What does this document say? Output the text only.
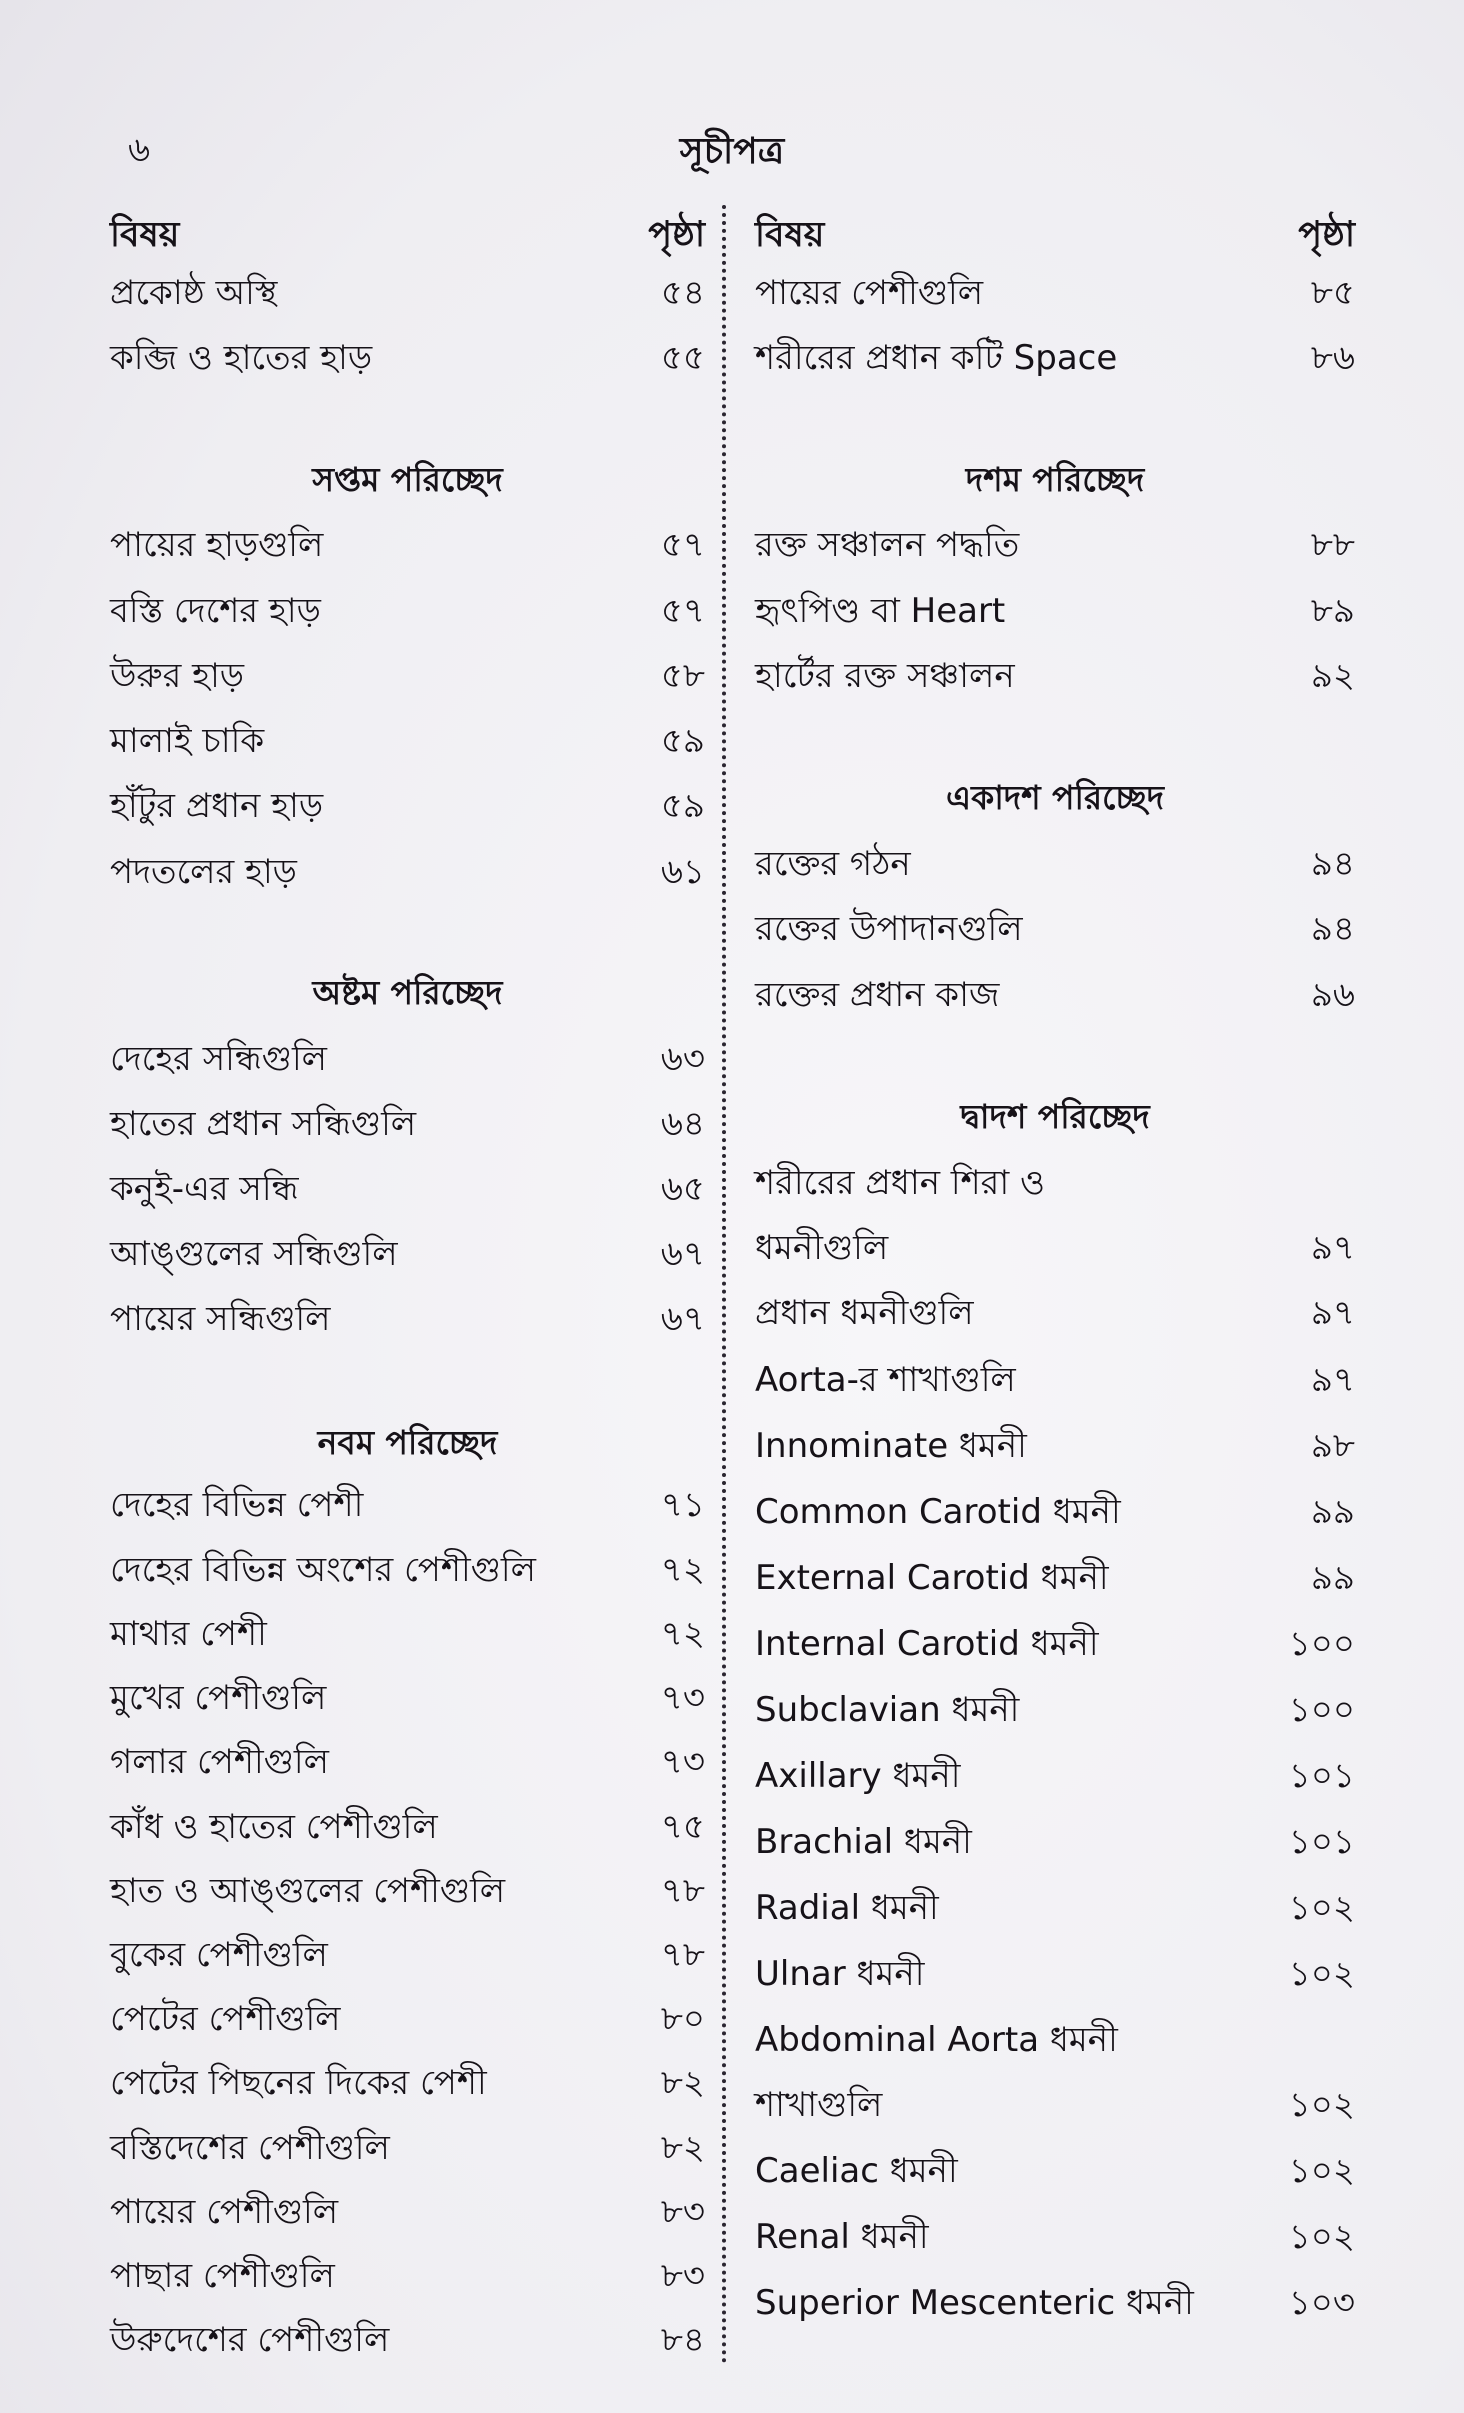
৬	সূচীপত্র
বিষয়	পৃষ্ঠা
প্রকোষ্ঠ অস্থি	৫৪
কব্জি ও হাতের হাড়	৫৫
সপ্তম পরিচ্ছেদ
পায়ের হাড়গুলি	৫৭
বস্তি দেশের হাড়	৫৭
উরুর হাড়	৫৮
মালাই চাকি	৫৯
হাঁটুর প্রধান হাড়	৫৯
পদতলের হাড়	৬১
অষ্টম পরিচ্ছেদ
দেহের সন্ধিগুলি	৬৩
হাতের প্রধান সন্ধিগুলি	৬৪
কনুই-এর সন্ধি	৬৫
আঙ্গুলের সন্ধিগুলি	৬৭
পায়ের সন্ধিগুলি	৬৭
নবম পরিচ্ছেদ
দেহের বিভিন্ন পেশী	৭১
দেহের বিভিন্ন অংশের পেশীগুলি	৭২
মাথার পেশী	৭২
মুখের পেশীগুলি	৭৩
গলার পেশীগুলি	৭৩
কাঁধ ও হাতের পেশীগুলি	৭৫
হাত ও আঙ্গুলের পেশীগুলি	৭৮
বুকের পেশীগুলি	৭৮
পেটের পেশীগুলি	৮০
পেটের পিছনের দিকের পেশী	৮২
বস্তিদেশের পেশীগুলি	৮২
পায়ের পেশীগুলি	৮৩
পাছার পেশীগুলি	৮৩
উরুদেশের পেশীগুলি	৮৪
বিষয়	পৃষ্ঠা
পায়ের পেশীগুলি	৮৫
শরীরের প্রধান কটি Space	৮৬
দশম পরিচ্ছেদ
রক্ত সঞ্চালন পদ্ধতি	৮৮
হৃৎপিণ্ড বা Heart	৮৯
হার্টের রক্ত সঞ্চালন	৯২
একাদশ পরিচ্ছেদ
রক্তের গঠন	৯৪
রক্তের উপাদানগুলি	৯৪
রক্তের প্রধান কাজ	৯৬
দ্বাদশ পরিচ্ছেদ
শরীরের প্রধান শিরা ও
ধমনীগুলি	৯৭
প্রধান ধমনীগুলি	৯৭
Aorta-র শাখাগুলি	৯৭
Innominate ধমনী	৯৮
Common Carotid ধমনী	৯৯
External Carotid ধমনী	৯৯
Internal Carotid ধমনী	১০০
Subclavian ধমনী	১০০
Axillary ধমনী	১০১
Brachial ধমনী	১০১
Radial ধমনী	১০২
Ulnar ধমনী	১০২
Abdominal Aorta ধমনী
শাখাগুলি	১০২
Caeliac ধমনী	১০২
Renal ধমনী	১০২
Superior Mescenteric ধমনী	১০৩
